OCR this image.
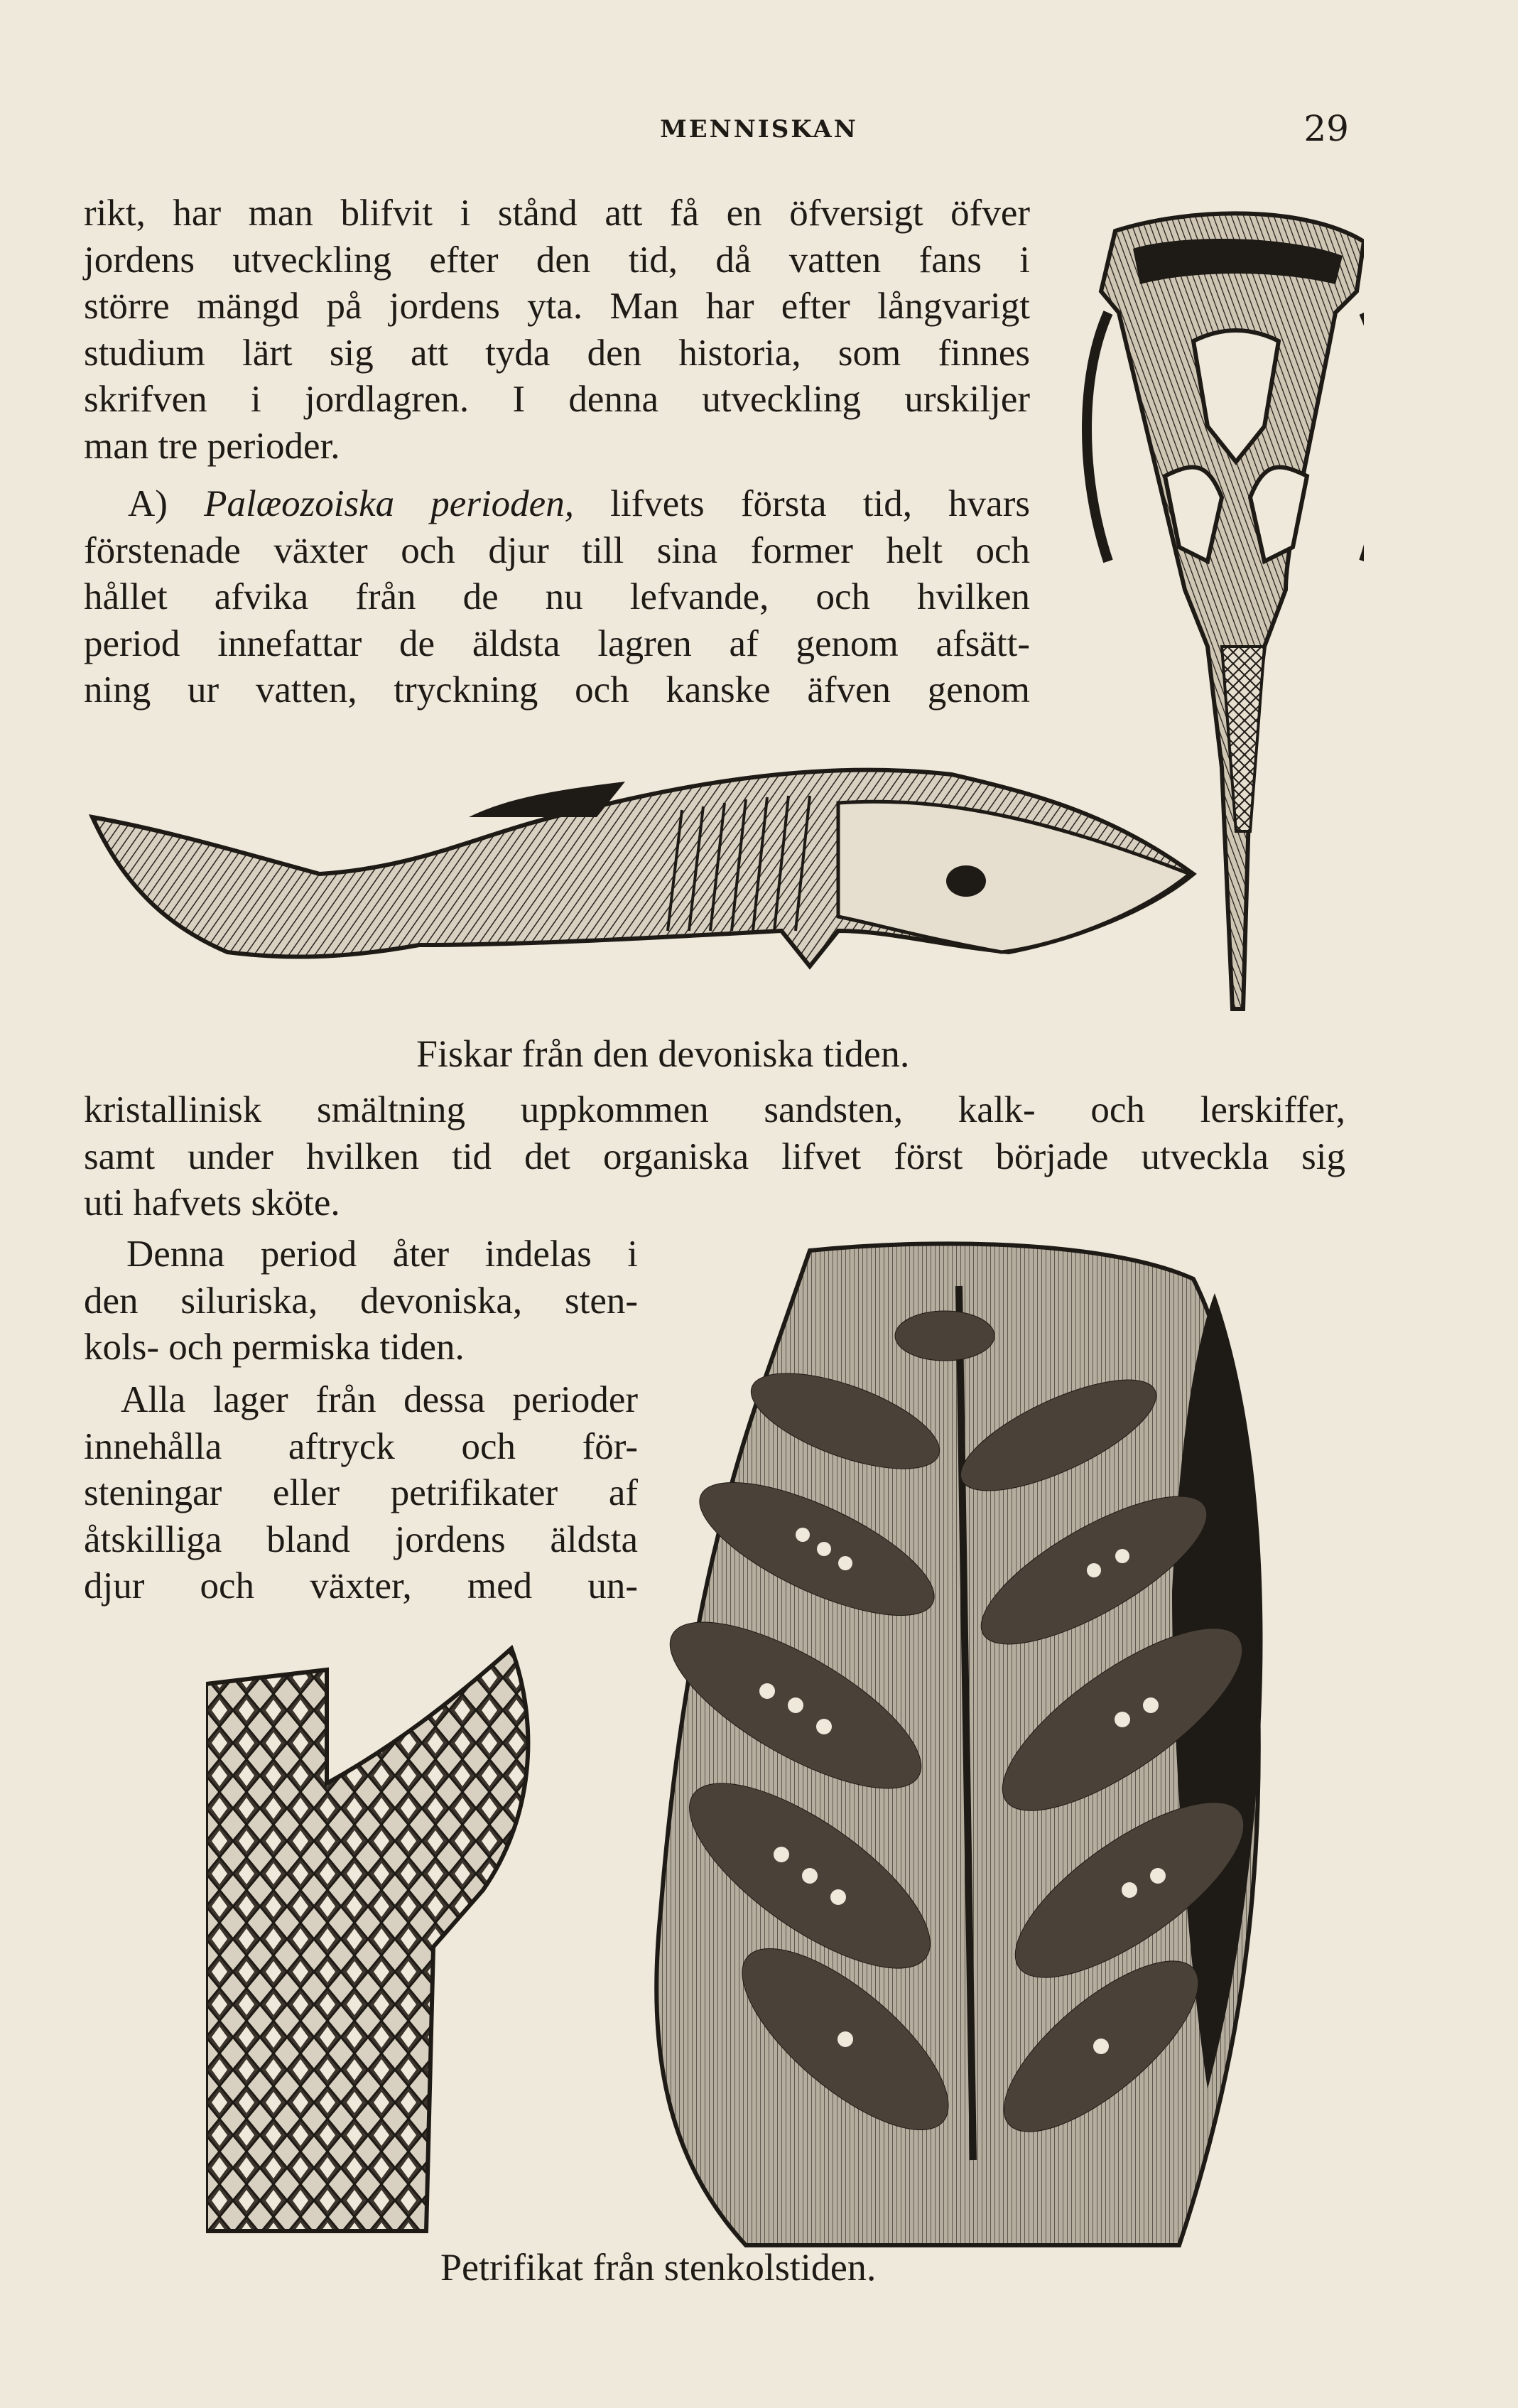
MENNISKAN	29
rikt, har man blifvit i stånd att få en öfversigt öfver
jordens utveckling efter den tid, då vatten fans i
större mängd på jordens yta. Man har efter långvarigt
studium lärt sig att tyda den historia, som finnes
skrifven i jordlagren. I denna utveckling urskiljer
man tre perioder.
A) Palæozoiska perioden, lifvets första tid, hvars
förstenade växter och djur till sina former helt och
hållet afvika från de nu lefvande, och hvilken
period innefattar de äldsta lagren af genom afsätt-
ning ur vatten, tryckning och kanske äfven genom
Fiskar från den devoniska tiden.
kristallinisk smältning uppkommen sandsten, kalk- och lerskiffer,
samt under hvilken tid det organiska lifvet först började utveckla sig
uti hafvets sköte.
Denna period åter indelas i
den siluriska, devoniska, sten-
kols- och permiska tiden.
Alla lager från dessa perioder
innehålla aftryck och för-
steningar eller petrifikater af
åtskilliga bland jordens äldsta
djur och växter, med un-
Petrifikat från stenkolstiden.
